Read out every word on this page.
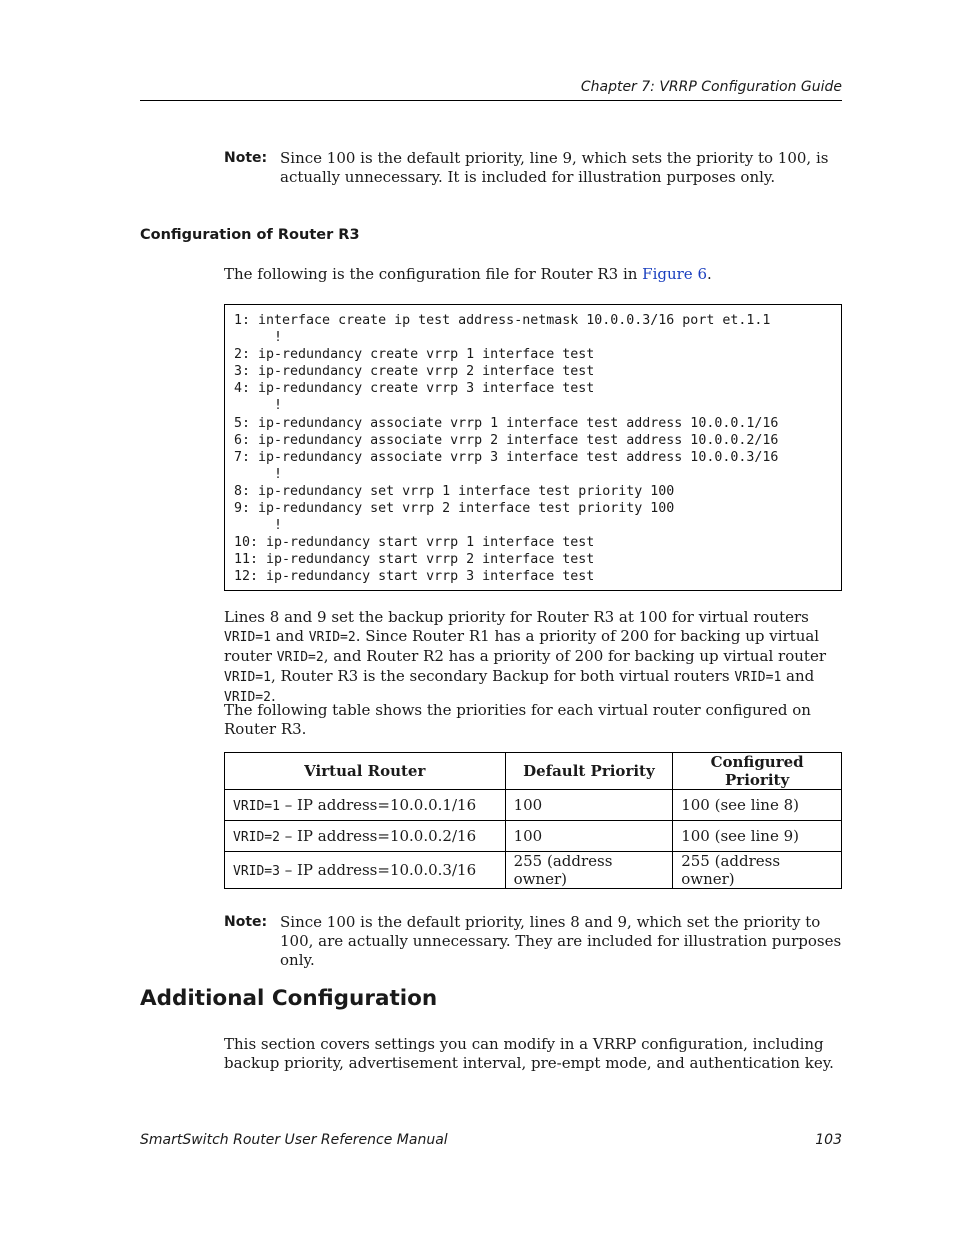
Chapter 7: VRRP Configuration Guide
Note: Since 100 is the default priority, line 9, which sets the priority to 100, is actually unnecessary. It is included for illustration purposes only.
Configuration of Router R3
The following is the configuration file for Router R3 in Figure 6.
1: interface create ip test address-netmask 10.0.0.3/16 port et.1.1
!
2: ip-redundancy create vrrp 1 interface test
3: ip-redundancy create vrrp 2 interface test
4: ip-redundancy create vrrp 3 interface test
!
5: ip-redundancy associate vrrp 1 interface test address 10.0.0.1/16
6: ip-redundancy associate vrrp 2 interface test address 10.0.0.2/16
7: ip-redundancy associate vrrp 3 interface test address 10.0.0.3/16
!
8: ip-redundancy set vrrp 1 interface test priority 100
9: ip-redundancy set vrrp 2 interface test priority 100
!
10: ip-redundancy start vrrp 1 interface test
11: ip-redundancy start vrrp 2 interface test
12: ip-redundancy start vrrp 3 interface test
Lines 8 and 9 set the backup priority for Router R3 at 100 for virtual routers VRID=1 and VRID=2. Since Router R1 has a priority of 200 for backing up virtual router VRID=2, and Router R2 has a priority of 200 for backing up virtual router VRID=1, Router R3 is the secondary Backup for both virtual routers VRID=1 and VRID=2.
The following table shows the priorities for each virtual router configured on Router R3.
Virtual Router	Default Priority	Configured Priority
VRID=1 – IP address=10.0.0.1/16	100	100 (see line 8)
VRID=2 – IP address=10.0.0.2/16	100	100 (see line 9)
VRID=3 – IP address=10.0.0.3/16	255 (address owner)	255 (address owner)
Note: Since 100 is the default priority, lines 8 and 9, which set the priority to 100, are actually unnecessary. They are included for illustration purposes only.
Additional Configuration
This section covers settings you can modify in a VRRP configuration, including backup priority, advertisement interval, pre-empt mode, and authentication key.
SmartSwitch Router User Reference Manual	103
